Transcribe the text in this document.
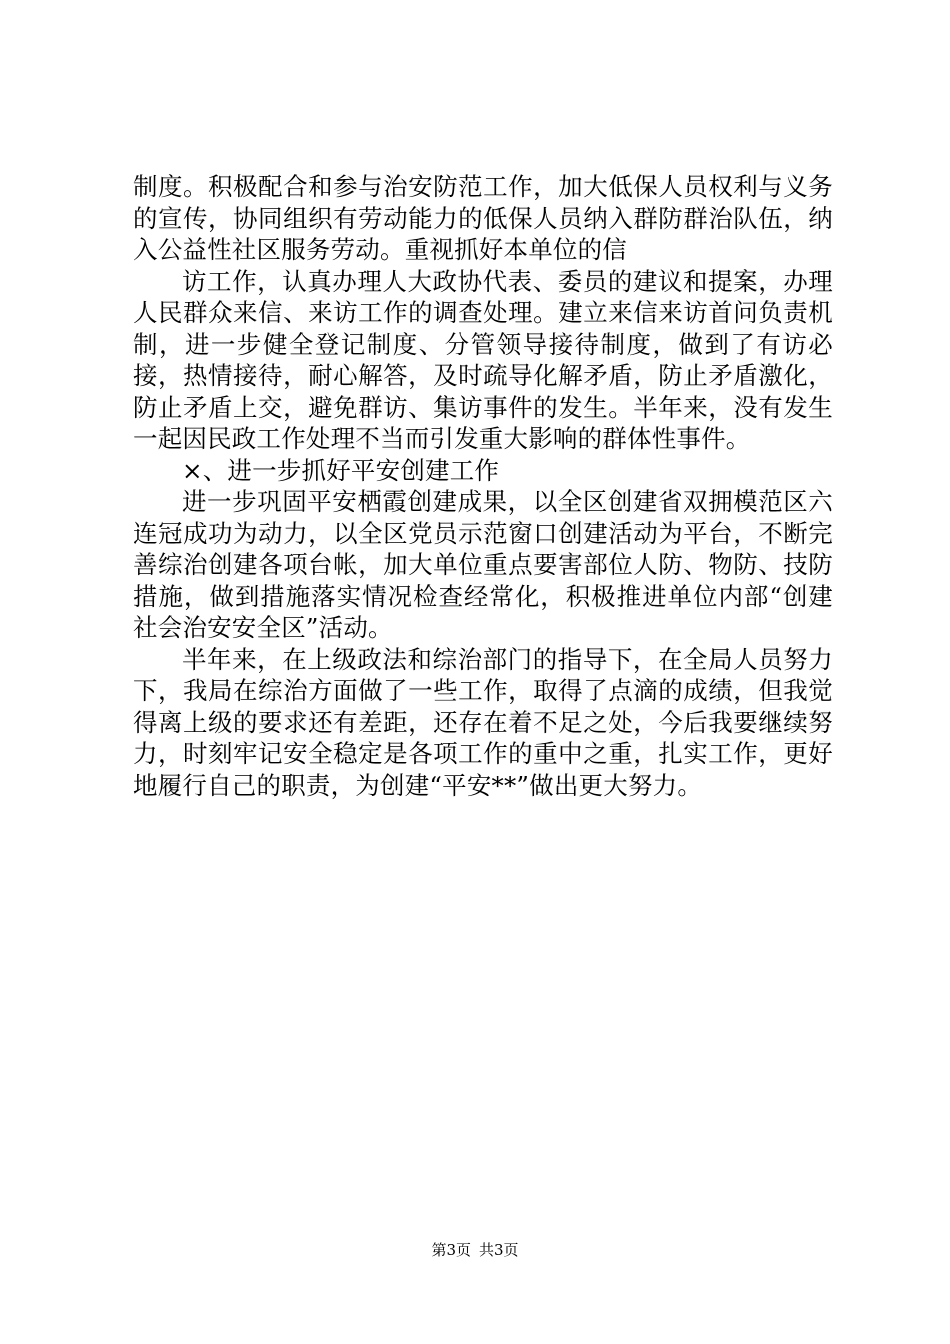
制度。积极配合和参与治安防范工作，加大低保人员权利与义务的宣传，协同组织有劳动能力的低保人员纳入群防群治队伍，纳入公益性社区服务劳动。重视抓好本单位的信

访工作，认真办理人大政协代表、委员的建议和提案，办理人民群众来信、来访工作的调查处理。建立来信来访首问负责机制，进一步健全登记制度、分管领导接待制度，做到了有访必接，热情接待，耐心解答，及时疏导化解矛盾，防止矛盾激化，防止矛盾上交，避免群访、集访事件的发生。半年来，没有发生一起因民政工作处理不当而引发重大影响的群体性事件。

×、进一步抓好平安创建工作

进一步巩固平安栖霞创建成果，以全区创建省双拥模范区六连冠成功为动力，以全区党员示范窗口创建活动为平台，不断完善综治创建各项台帐，加大单位重点要害部位人防、物防、技防措施，做到措施落实情况检查经常化，积极推进单位内部“创建社会治安安全区”活动。

半年来，在上级政法和综治部门的指导下，在全局人员努力下，我局在综治方面做了一些工作，取得了点滴的成绩，但我觉得离上级的要求还有差距，还存在着不足之处，今后我要继续努力，时刻牢记安全稳定是各项工作的重中之重，扎实工作，更好地履行自己的职责，为创建“平安**”做出更大努力。

第3页 共3页
